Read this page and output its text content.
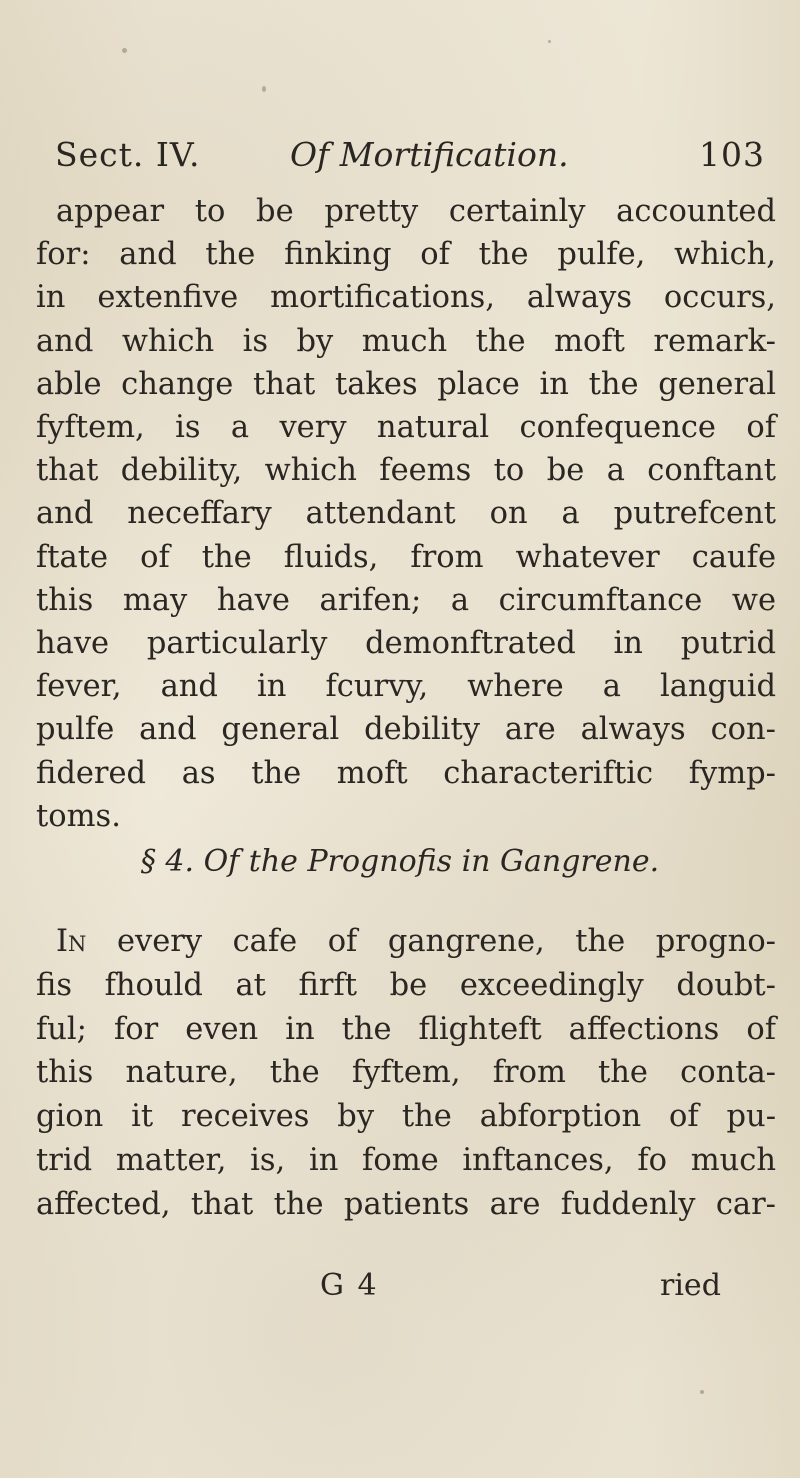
Sect. IV.	Of Mortification.	103
appear to be pretty certainly accounted
for: and the finking of the pulfe, which,
in extenfive mortifications, always occurs,
and which is by much the moft remark-
able change that takes place in the general
fyftem, is a very natural confequence of
that debility, which feems to be a conftant
and neceffary attendant on a putrefcent
ftate of the fluids, from whatever caufe
this may have arifen; a circumftance we
have particularly demonftrated in putrid
fever, and in fcurvy, where a languid
pulfe and general debility are always con-
fidered as the moft characteriftic fymp-
toms.
§ 4. Of the Prognofis in Gangrene.
In every cafe of gangrene, the progno-
fis fhould at firft be exceedingly doubt-
ful; for even in the flighteft affections of
this nature, the fyftem, from the conta-
gion it receives by the abforption of pu-
trid matter, is, in fome inftances, fo much
affected, that the patients are fuddenly car-
G 4	ried
